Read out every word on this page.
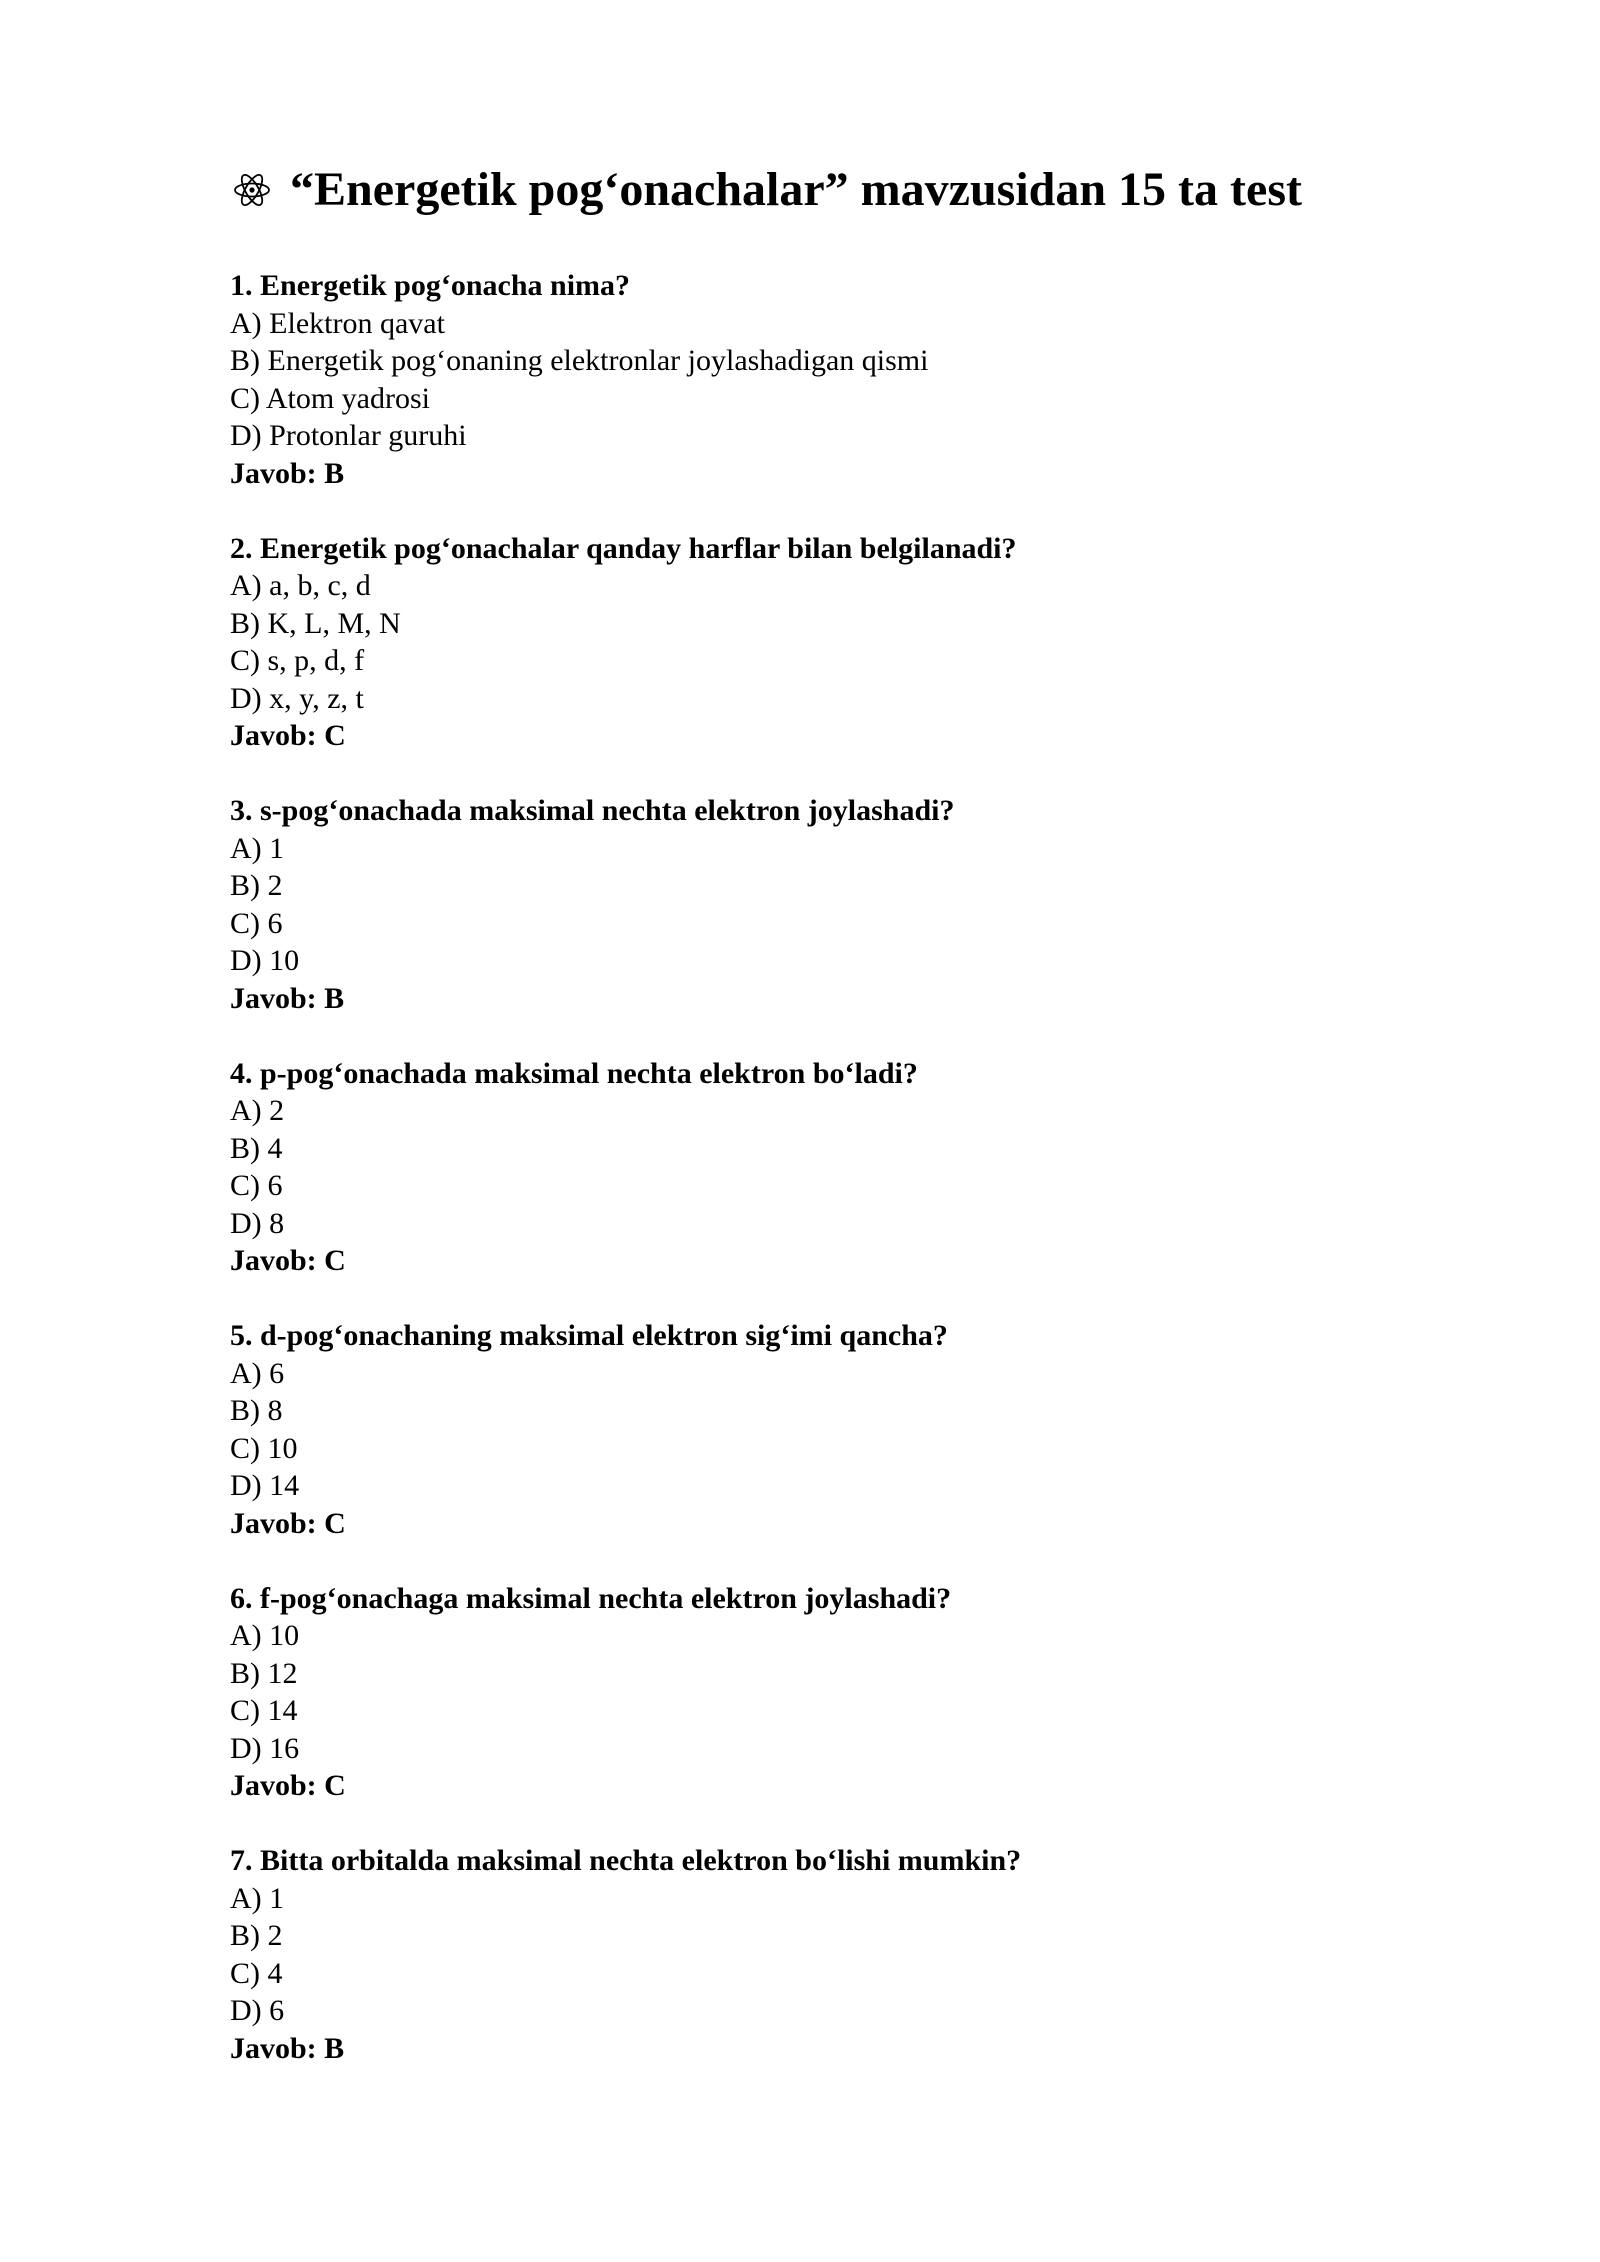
“Energetik pog‘onachalar” mavzusidan 15 ta test
1. Energetik pog‘onacha nima?
A) Elektron qavat
B) Energetik pog‘onaning elektronlar joylashadigan qismi
C) Atom yadrosi
D) Protonlar guruhi
Javob: B
2. Energetik pog‘onachalar qanday harflar bilan belgilanadi?
A) a, b, c, d
B) K, L, M, N
C) s, p, d, f
D) x, y, z, t
Javob: C
3. s-pog‘onachada maksimal nechta elektron joylashadi?
A) 1
B) 2
C) 6
D) 10
Javob: B
4. p-pog‘onachada maksimal nechta elektron bo‘ladi?
A) 2
B) 4
C) 6
D) 8
Javob: C
5. d-pog‘onachaning maksimal elektron sig‘imi qancha?
A) 6
B) 8
C) 10
D) 14
Javob: C
6. f-pog‘onachaga maksimal nechta elektron joylashadi?
A) 10
B) 12
C) 14
D) 16
Javob: C
7. Bitta orbitalda maksimal nechta elektron bo‘lishi mumkin?
A) 1
B) 2
C) 4
D) 6
Javob: B
